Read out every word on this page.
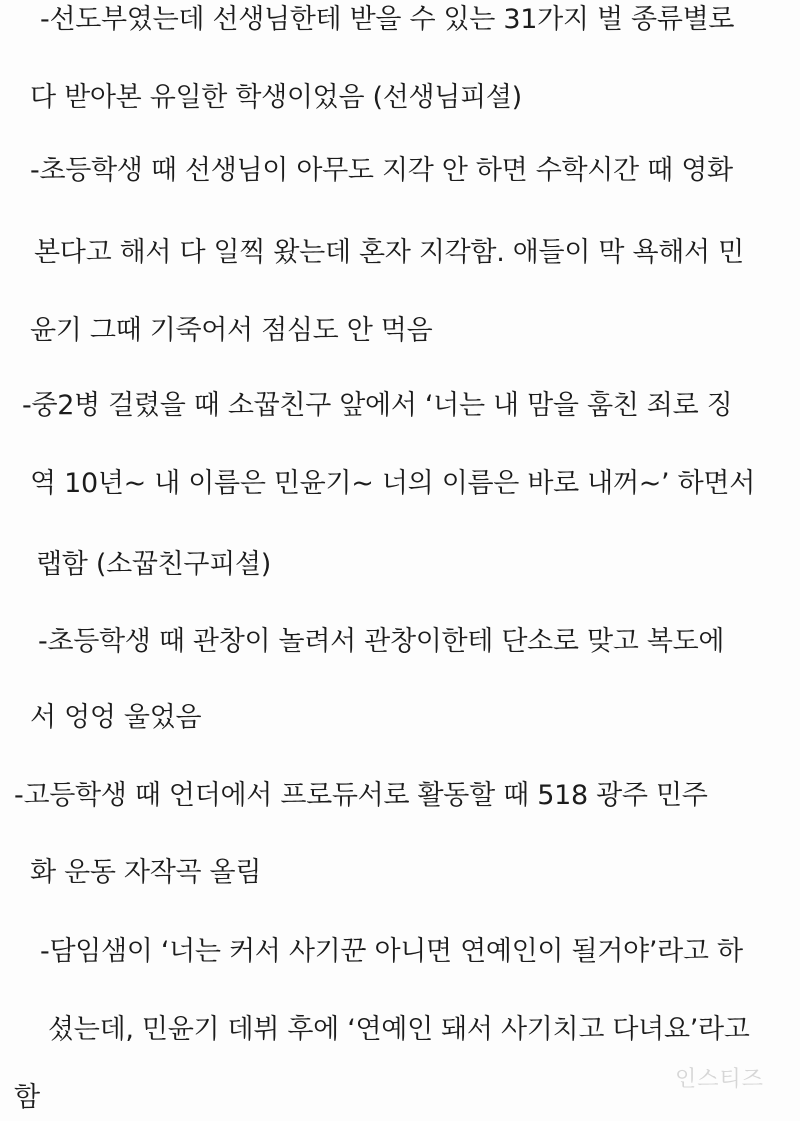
-선도부였는데 선생님한테 받을 수 있는 31가지 벌 종류별로
다 받아본 유일한 학생이었음 (선생님피셜)
-초등학생 때 선생님이 아무도 지각 안 하면 수학시간 때 영화
본다고 해서 다 일찍 왔는데 혼자 지각함. 애들이 막 욕해서 민
윤기 그때 기죽어서 점심도 안 먹음
-중2병 걸렸을 때 소꿉친구 앞에서 ‘너는 내 맘을 훔친 죄로 징
역 10년~ 내 이름은 민윤기~ 너의 이름은 바로 내꺼~’ 하면서
랩함 (소꿉친구피셜)
-초등학생 때 관창이 놀려서 관창이한테 단소로 맞고 복도에
서 엉엉 울었음
-고등학생 때 언더에서 프로듀서로 활동할 때 518 광주 민주
화 운동 자작곡 올림
-담임샘이 ‘너는 커서 사기꾼 아니면 연예인이 될거야’라고 하
셨는데, 민윤기 데뷔 후에 ‘연예인 돼서 사기치고 다녀요’라고
함
인스티즈
